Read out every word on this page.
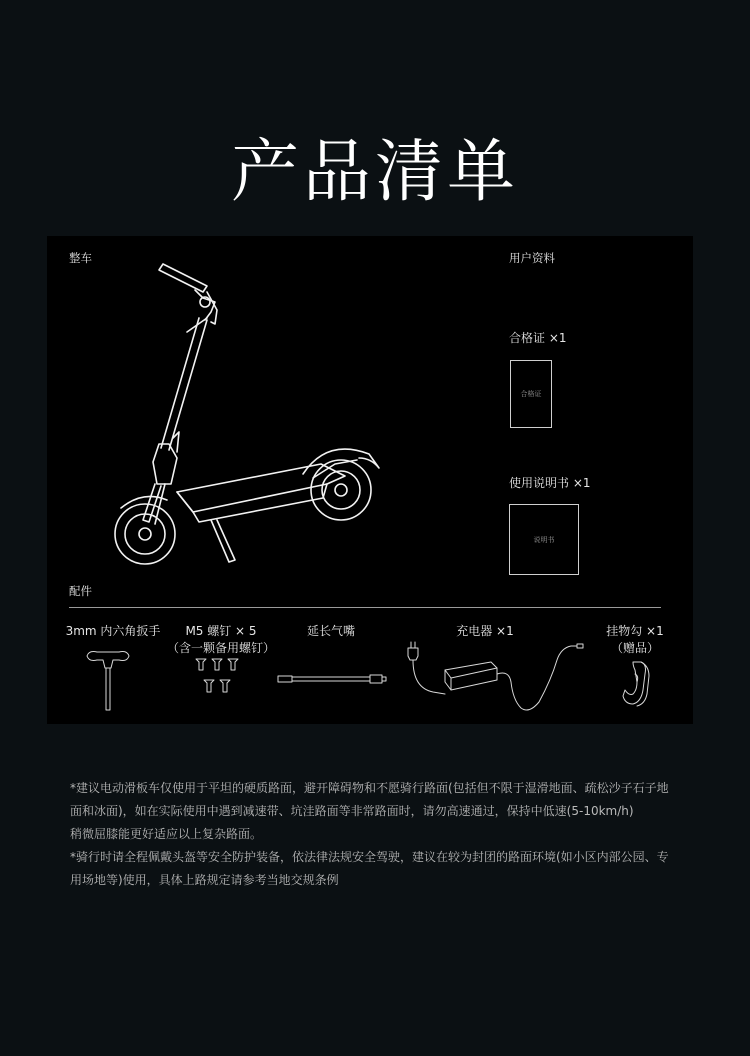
产品清单
整车	用户资料
合格证 ×1
合格证
使用说明书 ×1
说明书
配件
3mm 内六角扳手	M5 螺钉 × 5
（含一颗备用螺钉）
延长气嘴	充电器 ×1	挂物勾 ×1
（赠品）

*建议电动滑板车仅使用于平坦的硬质路面，避开障碍物和不愿骑行路面(包括但不限于湿滑地面、疏松沙子石子地面和冰面)，如在实际使用中遇到减速带、坑洼路面等非常路面时，请勿高速通过，保持中低速(5-10km/h)

稍微屈膝能更好适应以上复杂路面。

*骑行时请全程佩戴头盔等安全防护装备，依法律法规安全驾驶，建议在较为封团的路面环境(如小区内部公园、专用场地等)使用，具体上路规定请参考当地交规条例
